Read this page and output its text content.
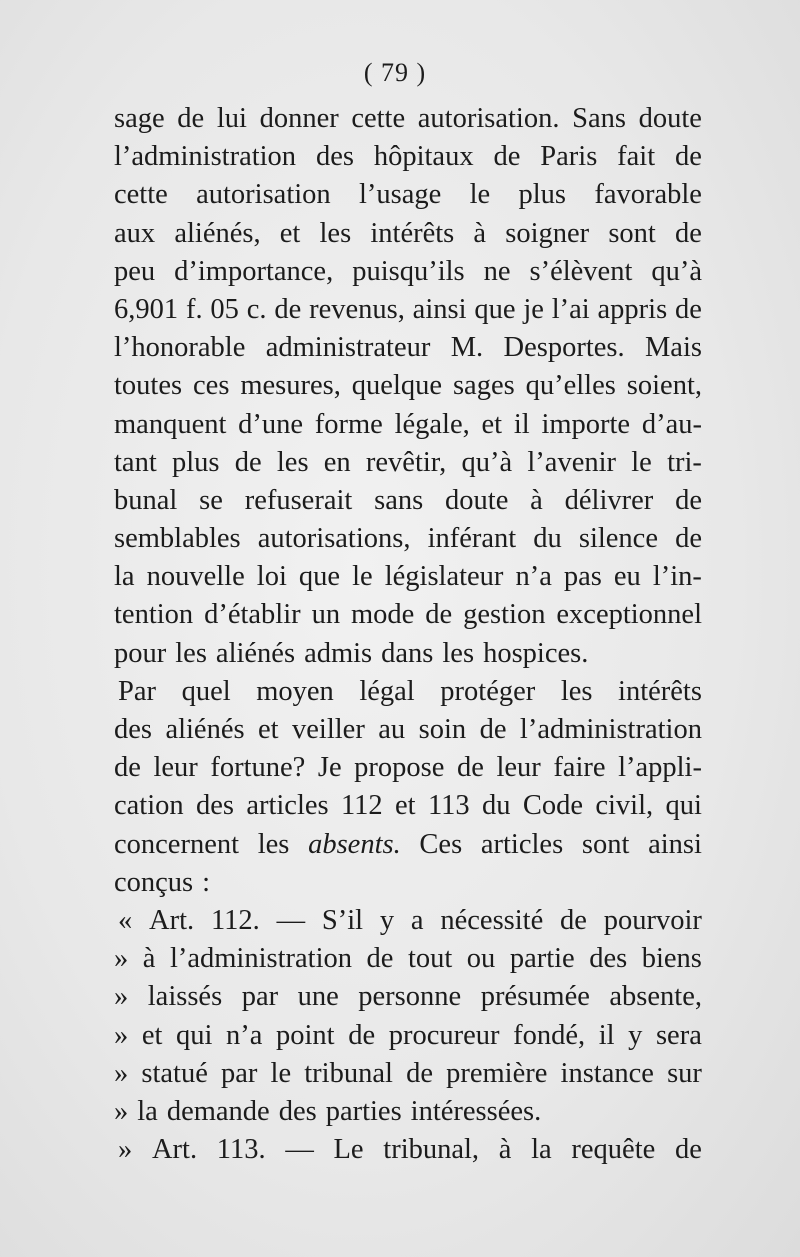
( 79 )
sage de lui donner cette autorisation. Sans doute
l’administration des hôpitaux de Paris fait de
cette autorisation l’usage le plus favorable
aux aliénés, et les intérêts à soigner sont de
peu d’importance, puisqu’ils ne s’élèvent qu’à
6,901 f. 05 c. de revenus, ainsi que je l’ai appris de
l’honorable administrateur M. Desportes. Mais
toutes ces mesures, quelque sages qu’elles soient,
manquent d’une forme légale, et il importe d’au-
tant plus de les en revêtir, qu’à l’avenir le tri-
bunal se refuserait sans doute à délivrer de
semblables autorisations, inférant du silence de
la nouvelle loi que le législateur n’a pas eu l’in-
tention d’établir un mode de gestion exceptionnel
pour les aliénés admis dans les hospices.
Par quel moyen légal protéger les intérêts
des aliénés et veiller au soin de l’administration
de leur fortune? Je propose de leur faire l’appli-
cation des articles 112 et 113 du Code civil, qui
concernent les absents. Ces articles sont ainsi
conçus :
« Art. 112. — S’il y a nécessité de pourvoir
» à l’administration de tout ou partie des biens
» laissés par une personne présumée absente,
» et qui n’a point de procureur fondé, il y sera
» statué par le tribunal de première instance sur
» la demande des parties intéressées.
» Art. 113. — Le tribunal, à la requête de
